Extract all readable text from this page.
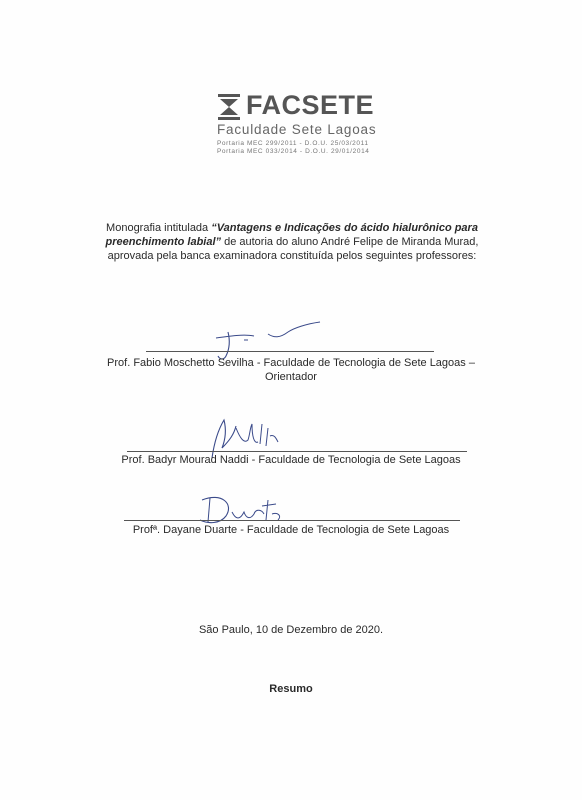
FACSETE
Faculdade Sete Lagoas
Portaria MEC 299/2011 - D.O.U. 25/03/2011
Portaria MEC 033/2014 - D.O.U. 29/01/2014
Monografia intitulada “Vantagens e Indicações do ácido hialurônico para preenchimento labial” de autoria do aluno André Felipe de Miranda Murad, aprovada pela banca examinadora constituída pelos seguintes professores:
Prof. Fabio Moschetto Sevilha - Faculdade de Tecnologia de Sete Lagoas –
Orientador
Prof. Badyr Mourad Naddi - Faculdade de Tecnologia de Sete Lagoas
Profª. Dayane Duarte - Faculdade de Tecnologia de Sete Lagoas
São Paulo, 10 de Dezembro de 2020.
Resumo
